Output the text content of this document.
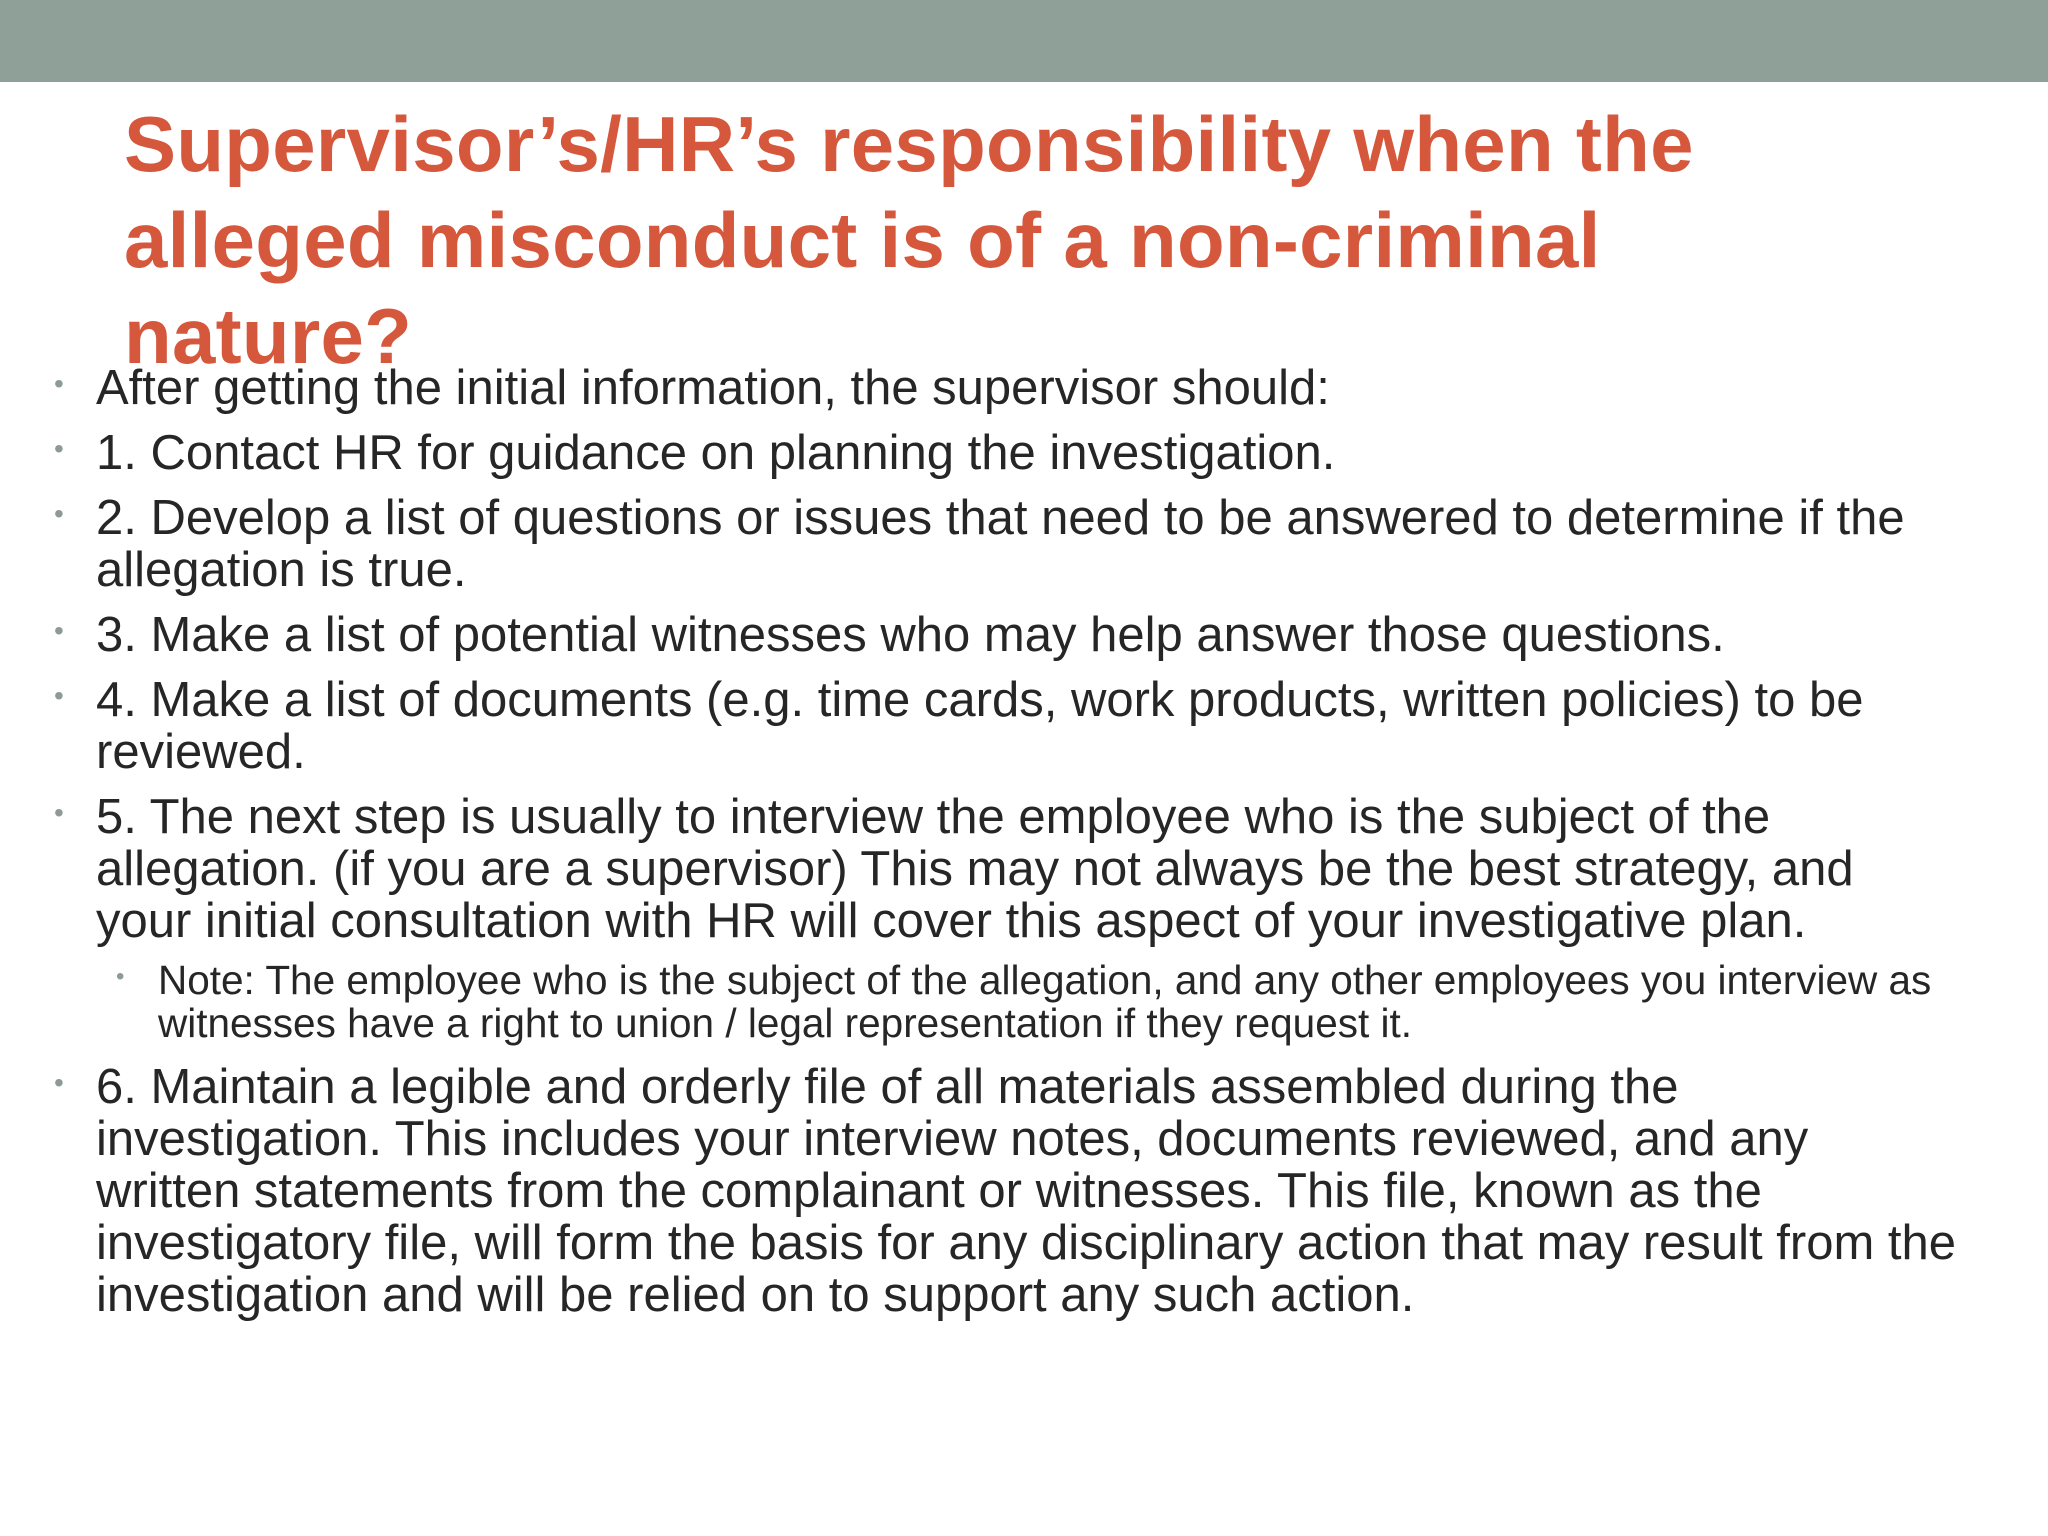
Supervisor’s/HR’s responsibility when the alleged misconduct is of a non-criminal nature?
• After getting the initial information, the supervisor should:
• 1. Contact HR for guidance on planning the investigation.
• 2. Develop a list of questions or issues that need to be answered to determine if the allegation is true.
• 3. Make a list of potential witnesses who may help answer those questions.
• 4. Make a list of documents (e.g. time cards, work products, written policies) to be reviewed.
• 5. The next step is usually to interview the employee who is the subject of the allegation. (if you are a supervisor) This may not always be the best strategy, and your initial consultation with HR will cover this aspect of your investigative plan.
• Note: The employee who is the subject of the allegation, and any other employees you interview as witnesses have a right to union / legal representation if they request it.
• 6. Maintain a legible and orderly file of all materials assembled during the investigation. This includes your interview notes, documents reviewed, and any written statements from the complainant or witnesses. This file, known as the investigatory file, will form the basis for any disciplinary action that may result from the investigation and will be relied on to support any such action.
